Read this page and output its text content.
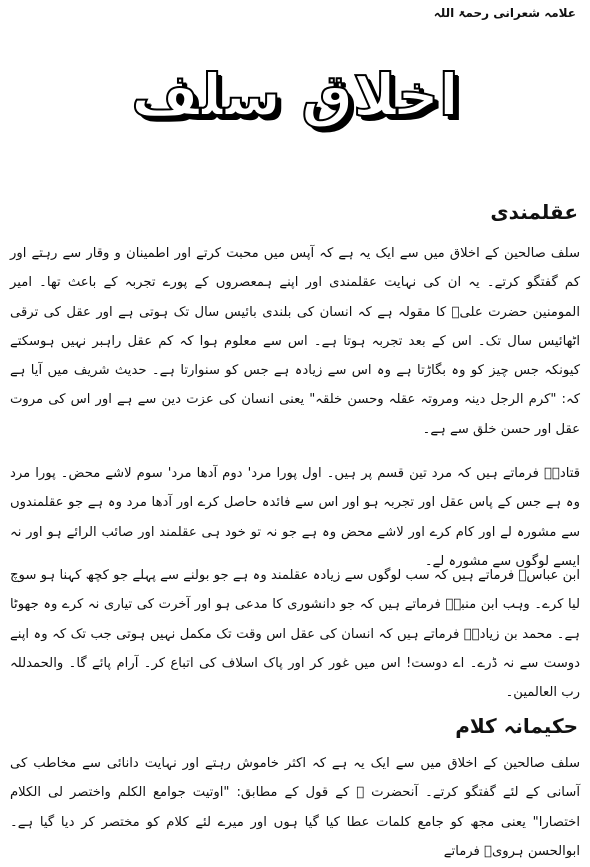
علامہ شعرانی رحمۃ اللہ
اخلاق سلف
عقلمندی

سلف صالحین کے اخلاق میں سے ایک یہ ہے کہ آپس میں محبت کرتے اور اطمینان و وقار سے رہتے اور کم گفتگو کرتے۔ یہ ان کی نہایت عقلمندی اور اپنے ہمعصروں کے پورے تجربہ کے باعث تھا۔ امیر المومنین حضرت علیؓ کا مقولہ ہے کہ انسان کی بلندی بائیس سال تک ہوتی ہے اور عقل کی ترقی اٹھائیس سال تک۔ اس کے بعد تجربہ ہوتا ہے۔ اس سے معلوم ہوا کہ کم عقل راہبر نہیں ہوسکتے کیونکہ جس چیز کو وہ بگاڑتا ہے وہ اس سے زیادہ ہے جس کو سنوارتا ہے۔ حدیث شریف میں آیا ہے کہ: "کرم الرجل دینہ ومروتہ عقلہ وحسن خلقہ" یعنی انسان کی عزت دین سے ہے اور اس کی مروت عقل اور حسن خلق سے ہے۔

قتادہؓ فرماتے ہیں کہ مرد تین قسم پر ہیں۔ اول پورا مرد' دوم آدھا مرد' سوم لاشے محض۔ پورا مرد وہ ہے جس کے پاس عقل اور تجربہ ہو اور اس سے فائدہ حاصل کرے اور آدھا مرد وہ ہے جو عقلمندوں سے مشورہ لے اور کام کرے اور لاشے محض وہ ہے جو نہ تو خود ہی عقلمند اور صائب الرائے ہو اور نہ ایسے لوگوں سے مشورہ لے۔

ابن عباسؓ فرماتے ہیں کہ سب لوگوں سے زیادہ عقلمند وہ ہے جو بولنے سے پہلے جو کچھ کہنا ہو سوچ لیا کرے۔ وہب ابن منبہؒ فرماتے ہیں کہ جو دانشوری کا مدعی ہو اور آخرت کی تیاری نہ کرے وہ جھوٹا ہے۔ محمد بن زیادہؒ فرماتے ہیں کہ انسان کی عقل اس وقت تک مکمل نہیں ہوتی جب تک کہ وہ اپنے دوست سے نہ ڈرے۔ اے دوست! اس میں غور کر اور پاک اسلاف کی اتباع کر۔ آرام پائے گا۔ والحمدللہ رب العالمین۔

حکیمانہ کلام

سلف صالحین کے اخلاق میں سے ایک یہ ہے کہ اکثر خاموش رہتے اور نہایت دانائی سے مخاطب کی آسانی کے لئے گفتگو کرتے۔ آنحضرت ﷺ کے قول کے مطابق: "اوتیت جوامع الکلم واختصر لی الکلام اختصارا" یعنی مجھ کو جامع کلمات عطا کیا گیا ہوں اور میرے لئے کلام کو مختصر کر دیا گیا ہے۔ ابوالحسن ہرویؒ فرماتے
